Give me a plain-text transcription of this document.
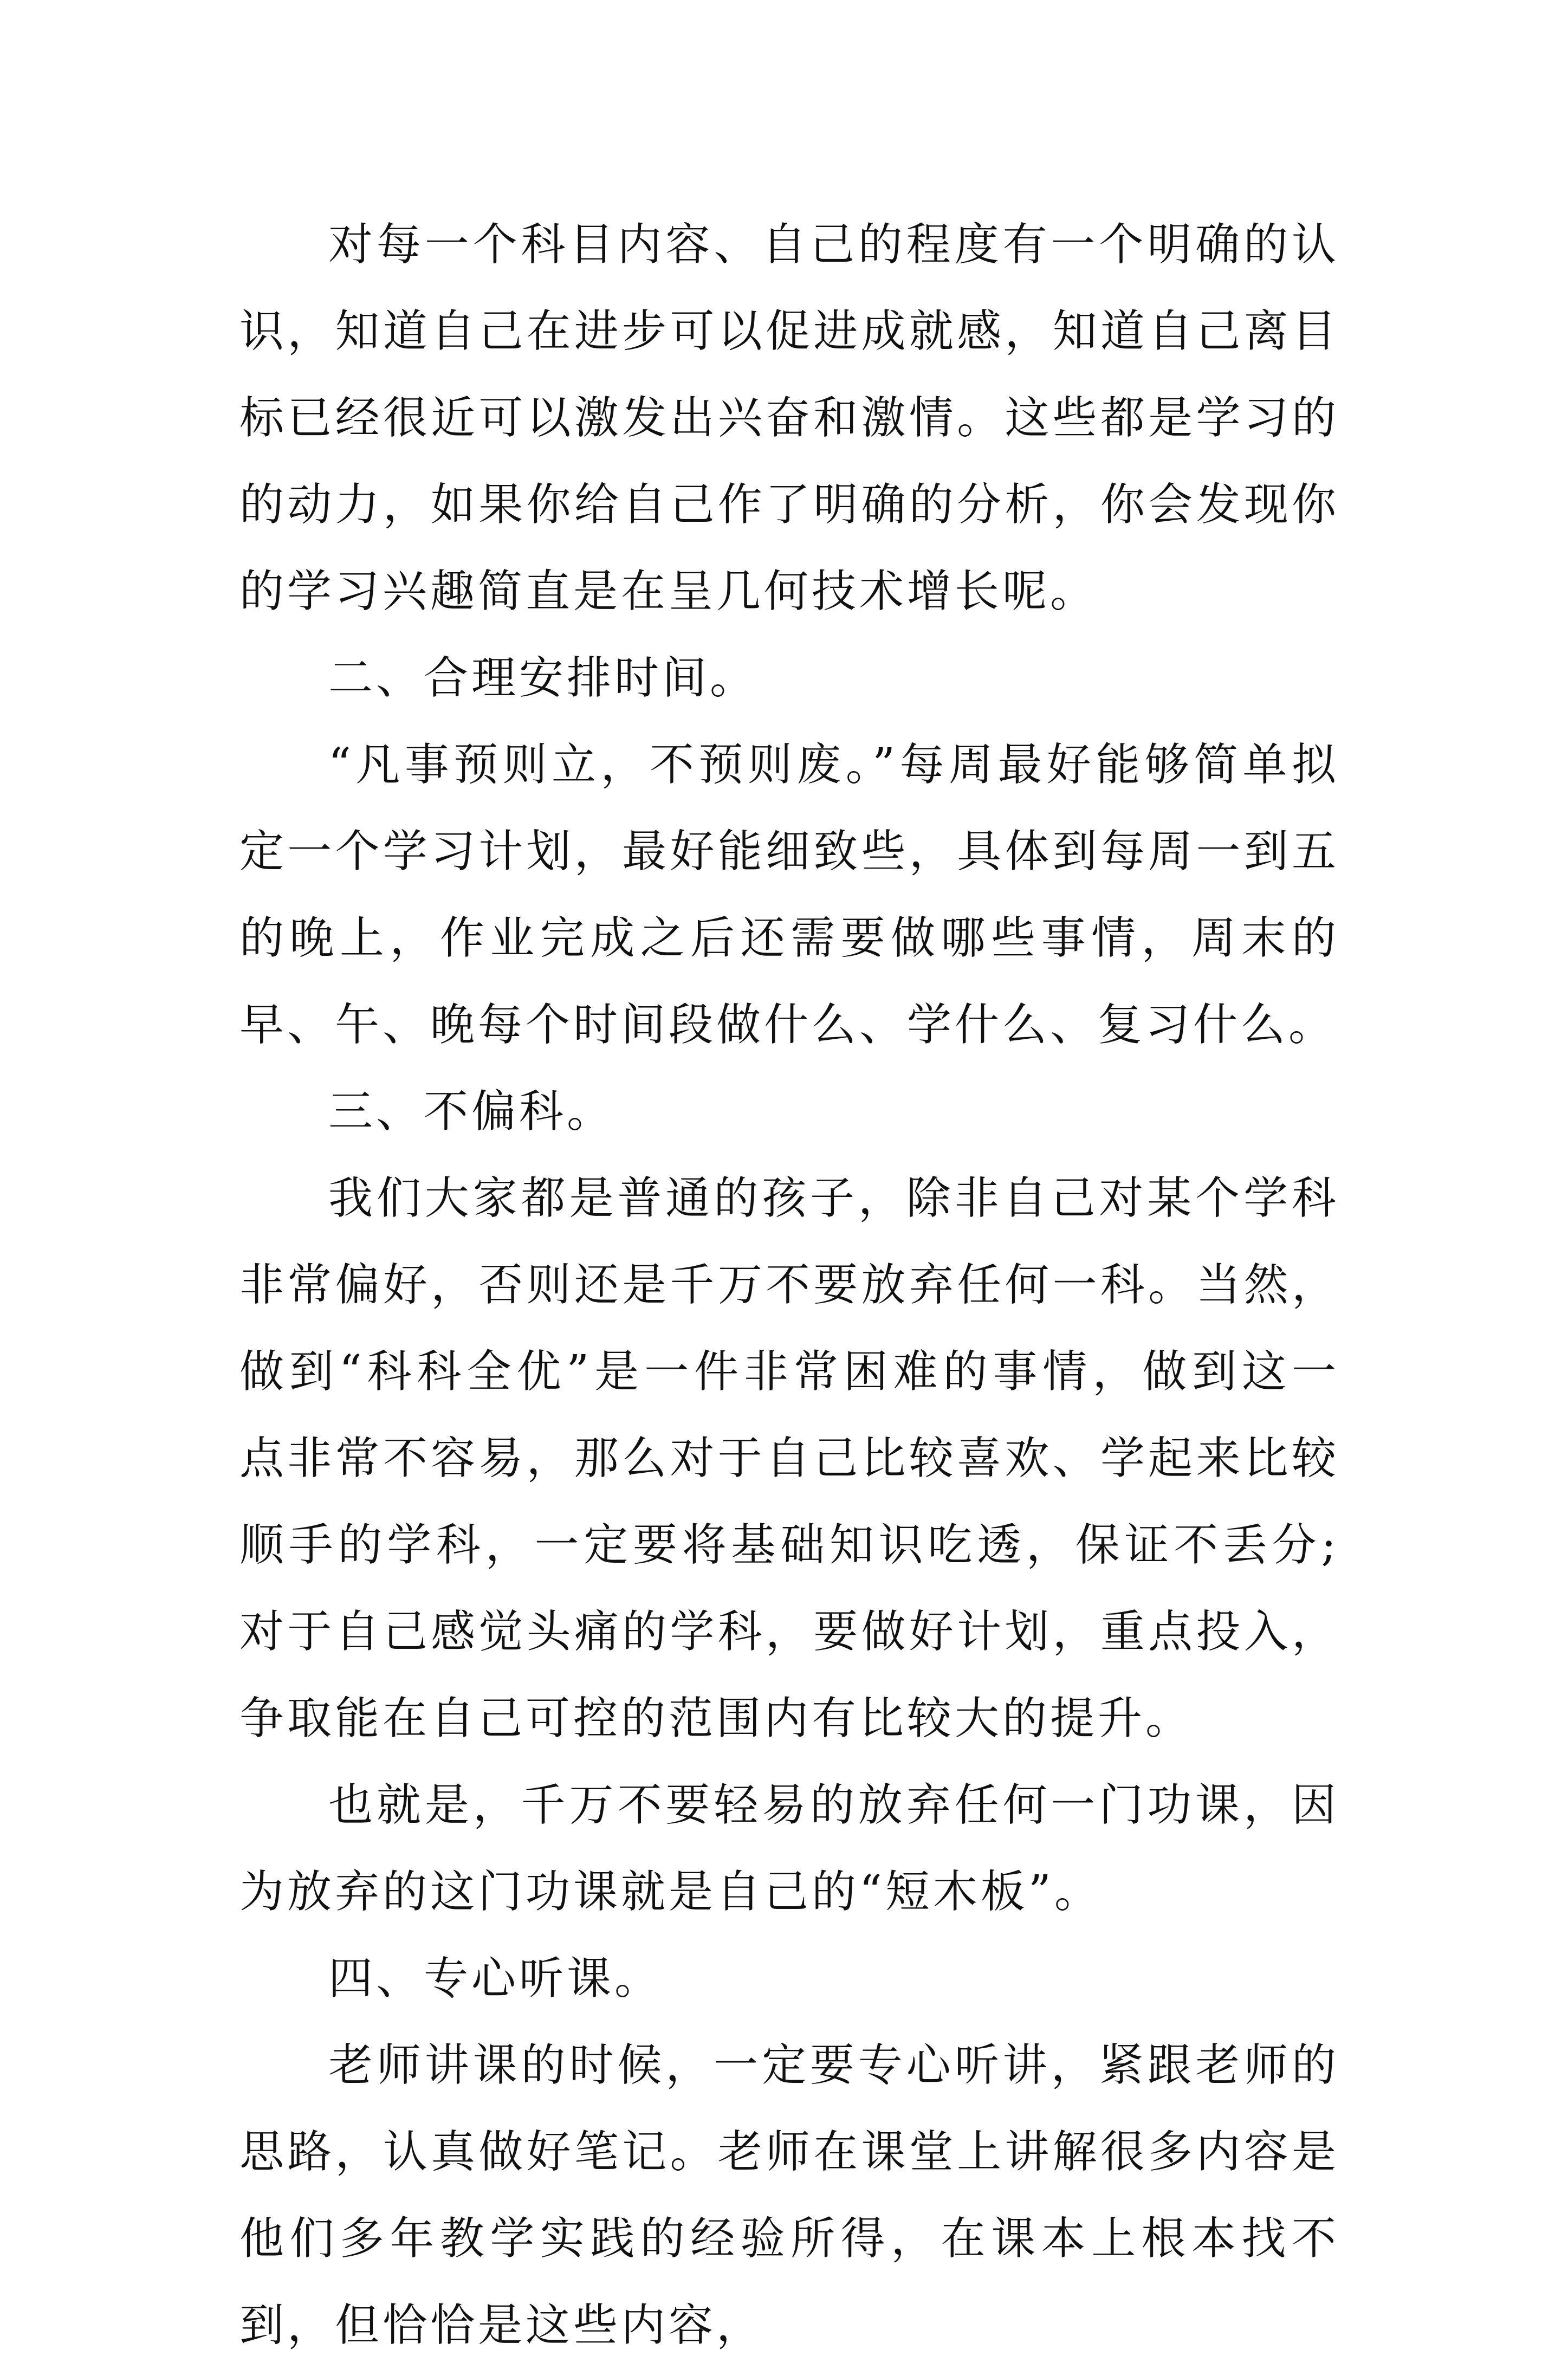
对每一个科目内容、自己的程度有一个明确的认识，知道自己在进步可以促进成就感，知道自己离目标已经很近可以激发出兴奋和激情。这些都是学习的的动力，如果你给自己作了明确的分析，你会发现你的学习兴趣简直是在呈几何技术增长呢。

二、合理安排时间。

“凡事预则立，不预则废。”每周最好能够简单拟定一个学习计划，最好能细致些，具体到每周一到五的晚上，作业完成之后还需要做哪些事情，周末的早、午、晚每个时间段做什么、学什么、复习什么。

三、不偏科。

我们大家都是普通的孩子，除非自己对某个学科非常偏好，否则还是千万不要放弃任何一科。当然，做到“科科全优”是一件非常困难的事情，做到这一点非常不容易，那么对于自己比较喜欢、学起来比较顺手的学科，一定要将基础知识吃透，保证不丢分;对于自己感觉头痛的学科，要做好计划，重点投入，争取能在自己可控的范围内有比较大的提升。

也就是，千万不要轻易的放弃任何一门功课，因为放弃的这门功课就是自己的“短木板”。

四、专心听课。

老师讲课的时候，一定要专心听讲，紧跟老师的思路，认真做好笔记。老师在课堂上讲解很多内容是他们多年教学实践的经验所得，在课本上根本找不到，但恰恰是这些内容，
